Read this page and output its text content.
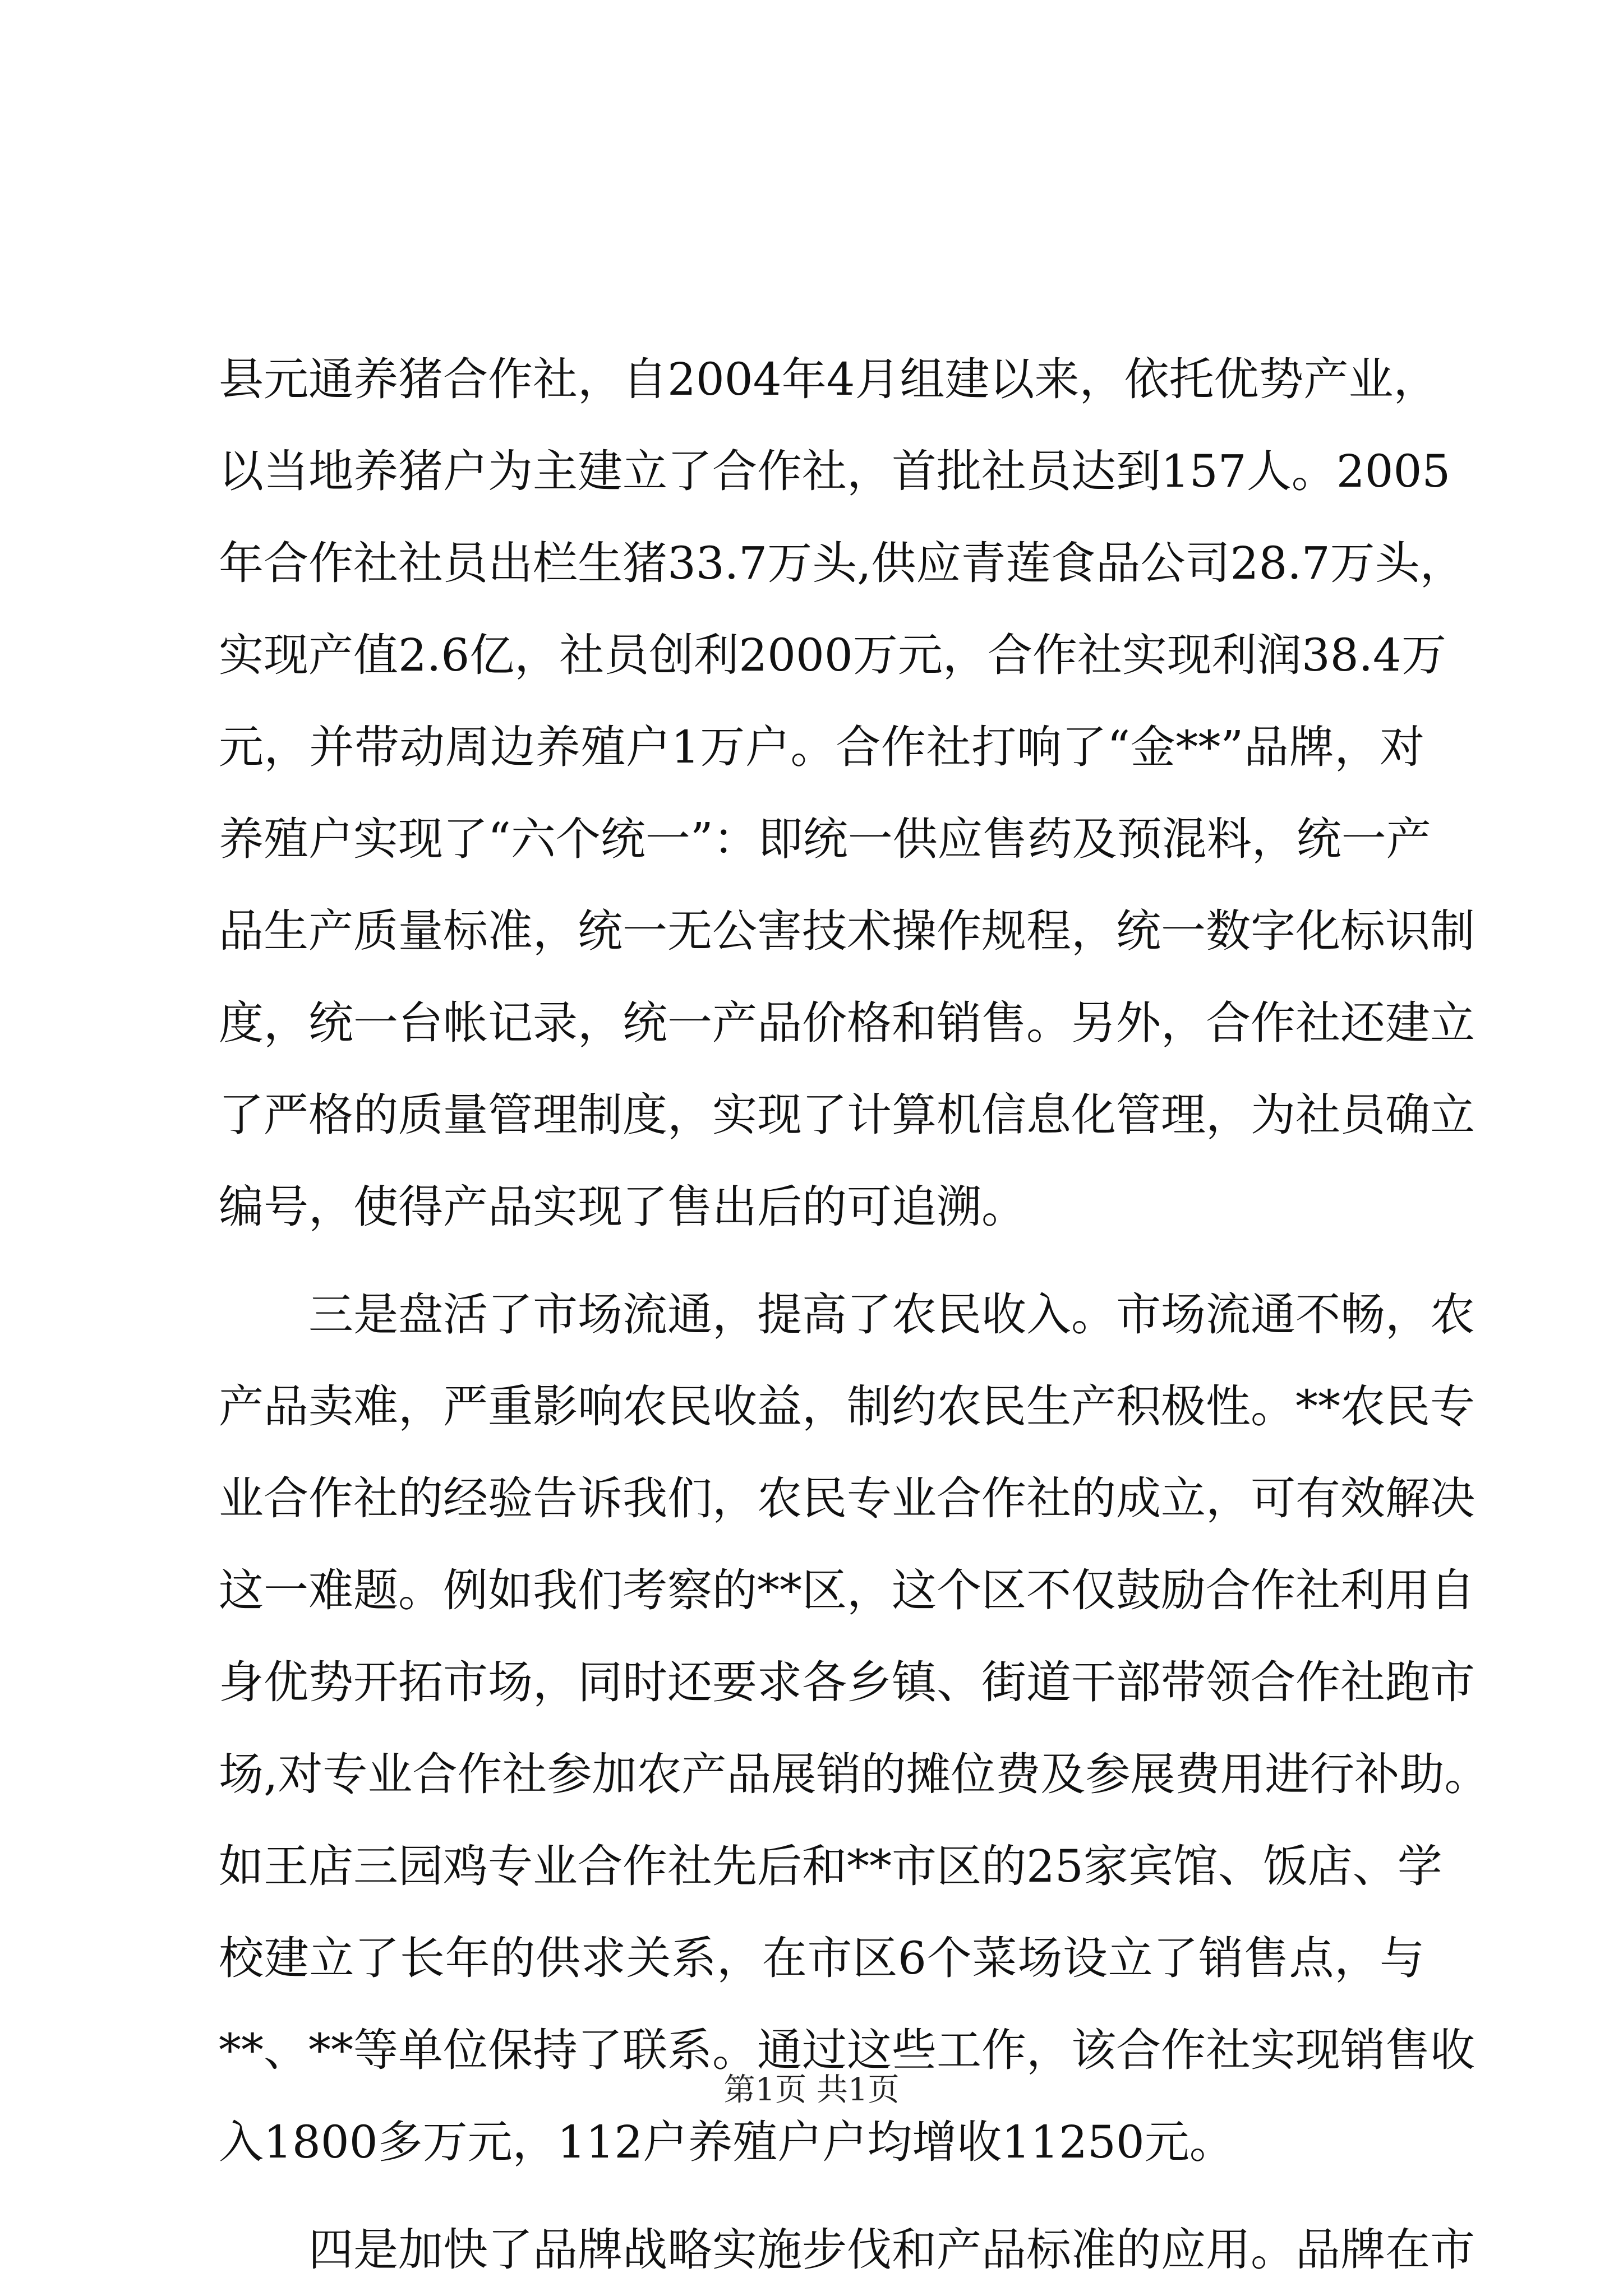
县元通养猪合作社，自2004年4月组建以来，依托优势产业，
以当地养猪户为主建立了合作社，首批社员达到157人。2005
年合作社社员出栏生猪33.7万头,供应青莲食品公司28.7万头，
实现产值2.6亿，社员创利2000万元，合作社实现利润38.4万
元，并带动周边养殖户1万户。合作社打响了“金**”品牌，对
养殖户实现了“六个统一”：即统一供应售药及预混料，统一产
品生产质量标准，统一无公害技术操作规程，统一数字化标识制
度，统一台帐记录，统一产品价格和销售。另外，合作社还建立
了严格的质量管理制度，实现了计算机信息化管理，为社员确立
编号，使得产品实现了售出后的可追溯。
三是盘活了市场流通，提高了农民收入。市场流通不畅，农
产品卖难，严重影响农民收益，制约农民生产积极性。**农民专
业合作社的经验告诉我们，农民专业合作社的成立，可有效解决
这一难题。例如我们考察的**区，这个区不仅鼓励合作社利用自
身优势开拓市场，同时还要求各乡镇、街道干部带领合作社跑市
场,对专业合作社参加农产品展销的摊位费及参展费用进行补助。
如王店三园鸡专业合作社先后和**市区的25家宾馆、饭店、学
校建立了长年的供求关系，在市区6个菜场设立了销售点，与
**、**等单位保持了联系。通过这些工作，该合作社实现销售收
入1800多万元，112户养殖户户均增收11250元。
四是加快了品牌战略实施步伐和产品标准的应用。品牌在市
第1页 共1页
